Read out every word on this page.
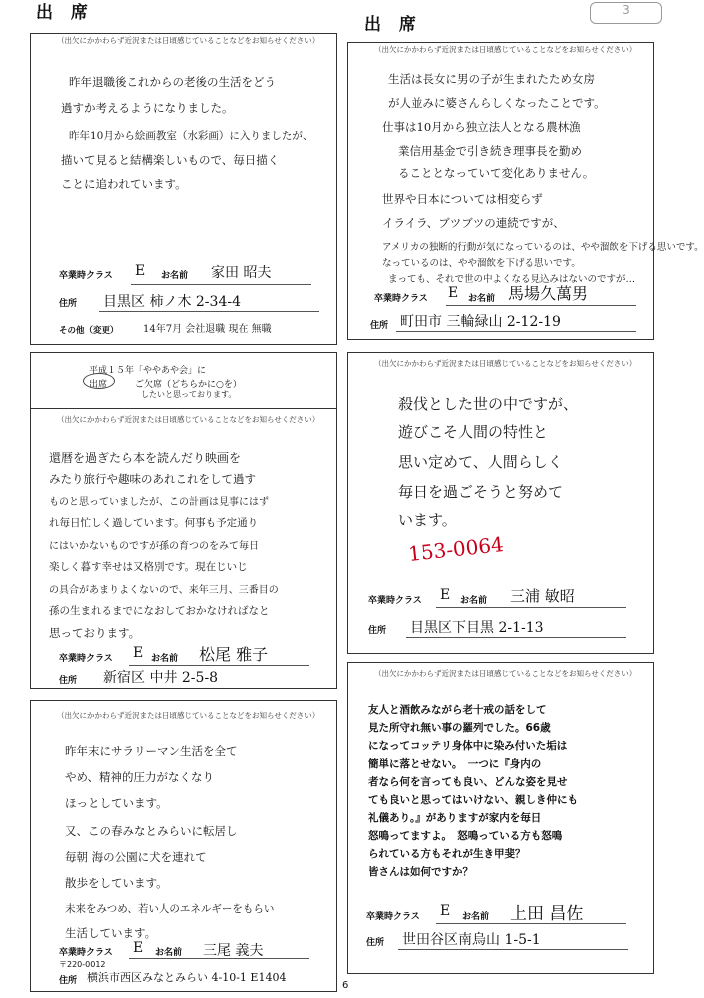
出 席
出 席
3
（出欠にかかわらず近況または日頃感じていることなどをお知らせください）
昨年退職後これからの老後の生活をどう
過すか考えるようになりました。
昨年10月から絵画教室（水彩画）に入りましたが、
描いて見ると結構楽しいもので、毎日描く
ことに追われています。
卒業時クラス E お名前 家田 昭夫
住所 目黒区 柿ノ木 2-34-4
その他（変更） 14年7月 会社退職 現在 無職
（出欠にかかわらず近況または日頃感じていることなどをお知らせください）
生活は長女に男の子が生まれたため女房
が人並みに婆さんらしくなったことです。
仕事は10月から独立法人となる農林漁
業信用基金で引き続き理事長を勤め
ることとなっていて変化ありません。
世界や日本については相変らず
イライラ、ブツブツの連続ですが、
アメリカの独断的行動が気になっているのは、やや溜飲を下げる思いです。
なっているのは、やや溜飲を下げる思いです。
まっても、それで世の中よくなる見込みはないのですが…
卒業時クラス E お名前 馬場久萬男
住所 町田市 三輪緑山 2-12-19
平成１５年「ややあや会」に
出席	ご欠席（どちらかに○を）
したいと思っております。
（出欠にかかわらず近況または日頃感じていることなどをお知らせください）
還暦を過ぎたら本を読んだり映画を
みたり旅行や趣味のあれこれをして過す
ものと思っていましたが、この計画は見事にはず
れ毎日忙しく過しています。何事も予定通り
にはいかないものですが孫の育つのをみて毎日
楽しく暮す幸せは又格別です。現在じいじ
の具合があまりよくないので、来年三月、三番目の
孫の生まれるまでになおしておかなければなと
思っております。
卒業時クラス E お名前 松尾 雅子
住所 新宿区 中井 2-5-8
（出欠にかかわらず近況または日頃感じていることなどをお知らせください）
殺伐とした世の中ですが、
遊びこそ人間の特性と
思い定めて、人間らしく
毎日を過ごそうと努めて
います。
153-0064
卒業時クラス E お名前 三浦 敏昭
住所 目黒区下目黒 2-1-13
（出欠にかかわらず近況または日頃感じていることなどをお知らせください）
昨年末にサラリーマン生活を全て
やめ、精神的圧力がなくなり
ほっとしています。
又、この春みなとみらいに転居し
毎朝 海の公園に犬を連れて
散歩をしています。
未来をみつめ、若い人のエネルギーをもらい
生活しています。
卒業時クラス E お名前 三尾 義夫
〒220-0012
住所 横浜市西区みなとみらい 4-10-1 E1404
（出欠にかかわらず近況または日頃感じていることなどをお知らせください）
友人と酒飲みながら老十戒の話をして
見た所守れ無い事の羅列でした。66歳
になってコッテリ身体中に染み付いた垢は
簡単に落とせない。　一つに『身内の
者なら何を言っても良い、どんな姿を見せ
ても良いと思ってはいけない、親しき仲にも
礼儀あり。』がありますが家内を毎日
怒鳴ってますよ。　怒鳴っている方も怒鳴
られている方もそれが生き甲斐？
皆さんは如何ですか？
卒業時クラス E お名前 上田 昌佐
住所 世田谷区南烏山 1-5-1
6
